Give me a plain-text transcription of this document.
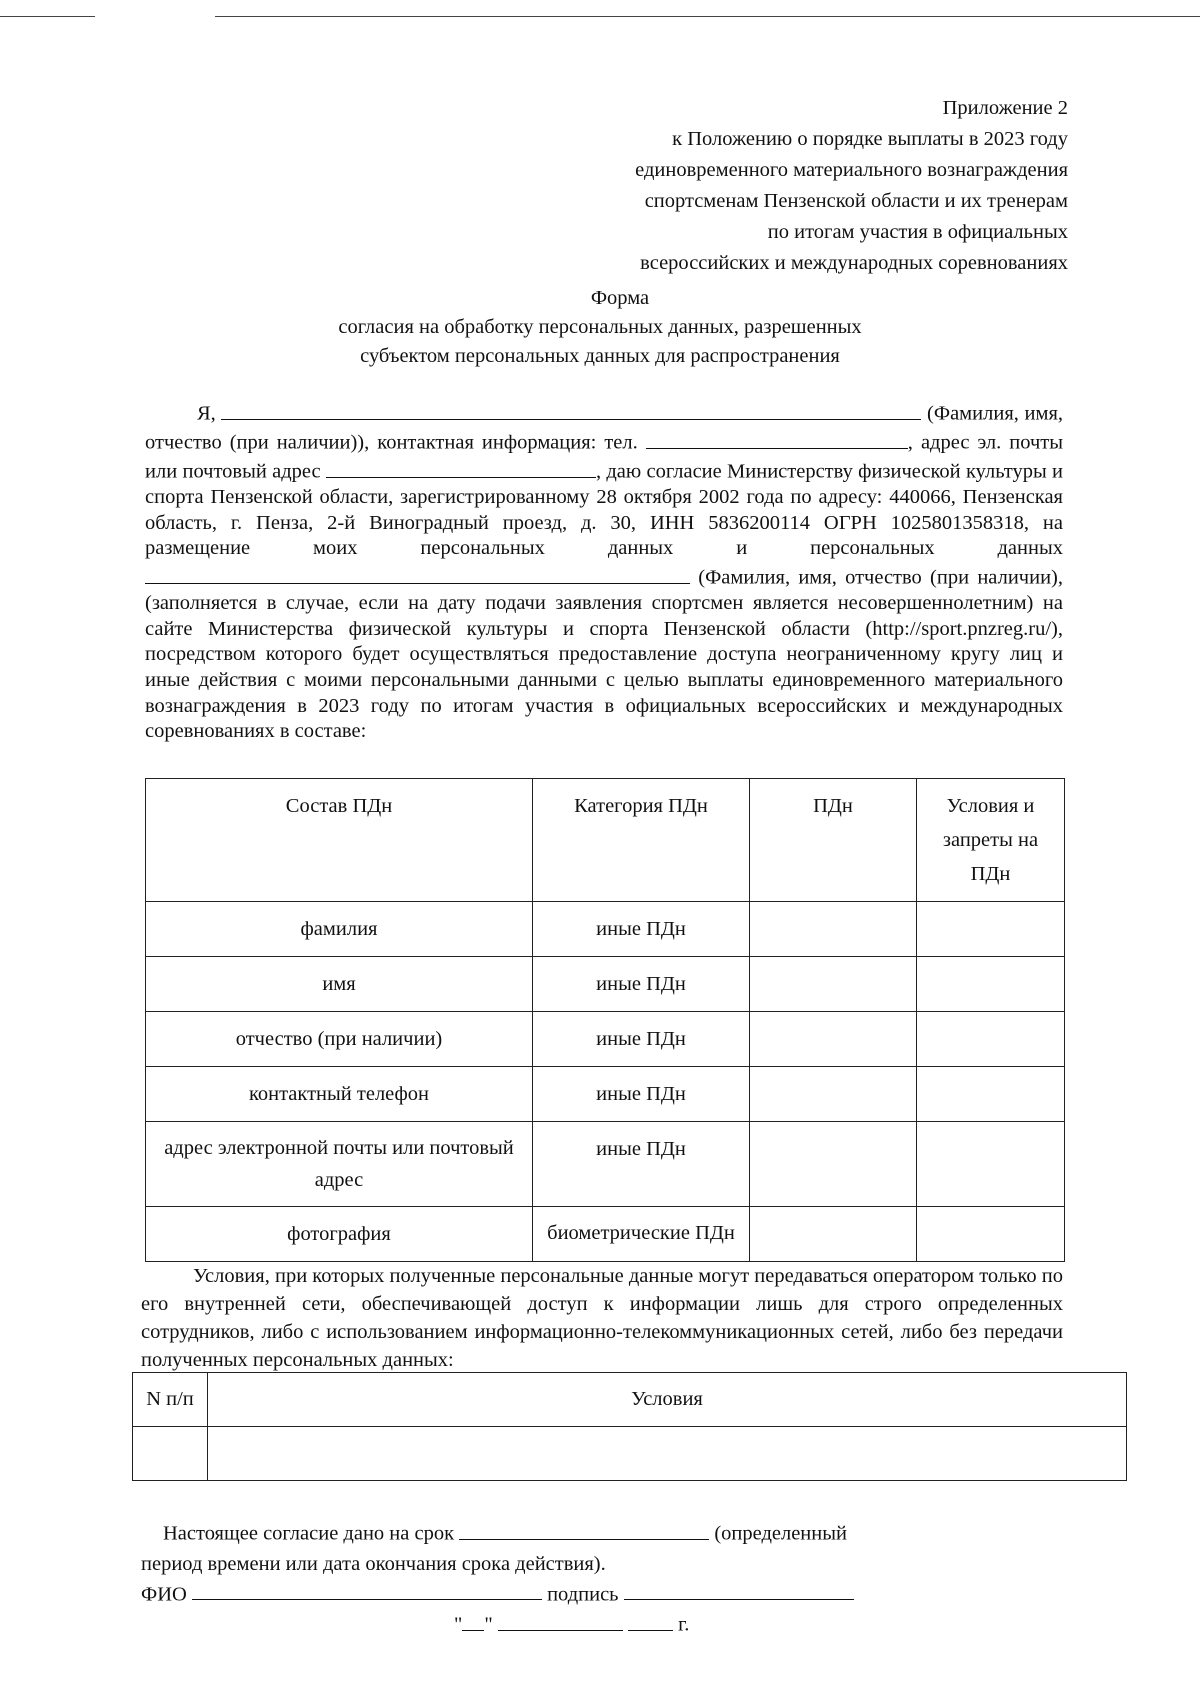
Приложение 2
к Положению о порядке выплаты в 2023 году
единовременного материального вознаграждения
спортсменам Пензенской области и их тренерам
по итогам участия в официальных
всероссийских и международных соревнованиях
Форма
согласия на обработку персональных данных, разрешенных
субъектом персональных данных для распространения

Я,	(Фамилия, имя, отчество (при наличии)), контактная информация: тел.	, адрес эл. почты или почтовый адрес	, даю согласие Министерству физической культуры и спорта Пензенской области, зарегистрированному 28 октября 2002 года по адресу: 440066, Пензенская область, г. Пенза, 2-й Виноградный проезд, д. 30, ИНН 5836200114 ОГРН 1025801358318, на размещение моих персональных данных и персональных данных  (Фамилия, имя, отчество (при наличии), (заполняется в случае, если на дату подачи заявления спортсмен является несовершеннолетним) на сайте Министерства физической культуры и спорта Пензенской области (http://sport.pnzreg.ru/), посредством которого будет осуществляться предоставление доступа неограниченному кругу лиц и иные действия с моими персональными данными с целью выплаты единовременного материального вознаграждения в 2023 году по итогам участия в официальных всероссийских и международных соревнованиях в составе:

Состав ПДн	Категория ПДн	ПДн	Условия и запреты на ПДн
фамилия	иные ПДн		
имя	иные ПДн		
отчество (при наличии)	иные ПДн		
контактный телефон	иные ПДн		
адрес электронной почты или почтовый адрес	иные ПДн		
фотография	биометрические ПДн		

Условия, при которых полученные персональные данные могут передаваться оператором только по его внутренней сети, обеспечивающей доступ к информации лишь для строго определенных сотрудников, либо с использованием информационно-телекоммуникационных сетей, либо без передачи полученных персональных данных:

N п/п	Условия

Настоящее согласие дано на срок	(определенный
период времени или дата окончания срока действия).
ФИО	подпись
" "	г.
